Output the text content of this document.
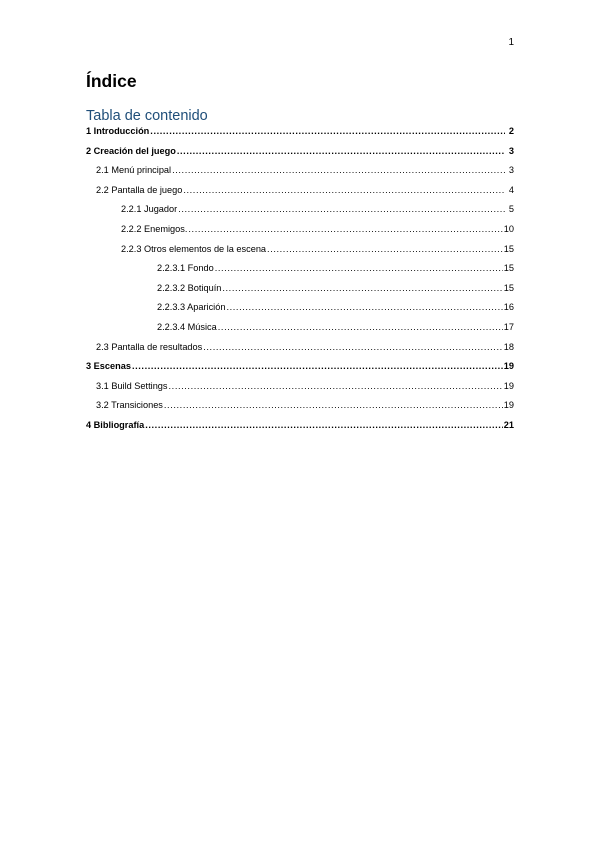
1
Índice
Tabla de contenido
1 Introducción .....	2
2 Creación del juego .....	3
2.1 Menú principal .....	3
2.2 Pantalla de juego .....	4
2.2.1 Jugador .....	5
2.2.2 Enemigos. .....	10
2.2.3 Otros elementos de la escena .....	15
2.2.3.1 Fondo .....	15
2.2.3.2 Botiquín .....	15
2.2.3.3 Aparición .....	16
2.2.3.4 Música .....	17
2.3 Pantalla de resultados .....	18
3 Escenas .....	19
3.1 Build Settings .....	19
3.2 Transiciones .....	19
4 Bibliografía .....	21
